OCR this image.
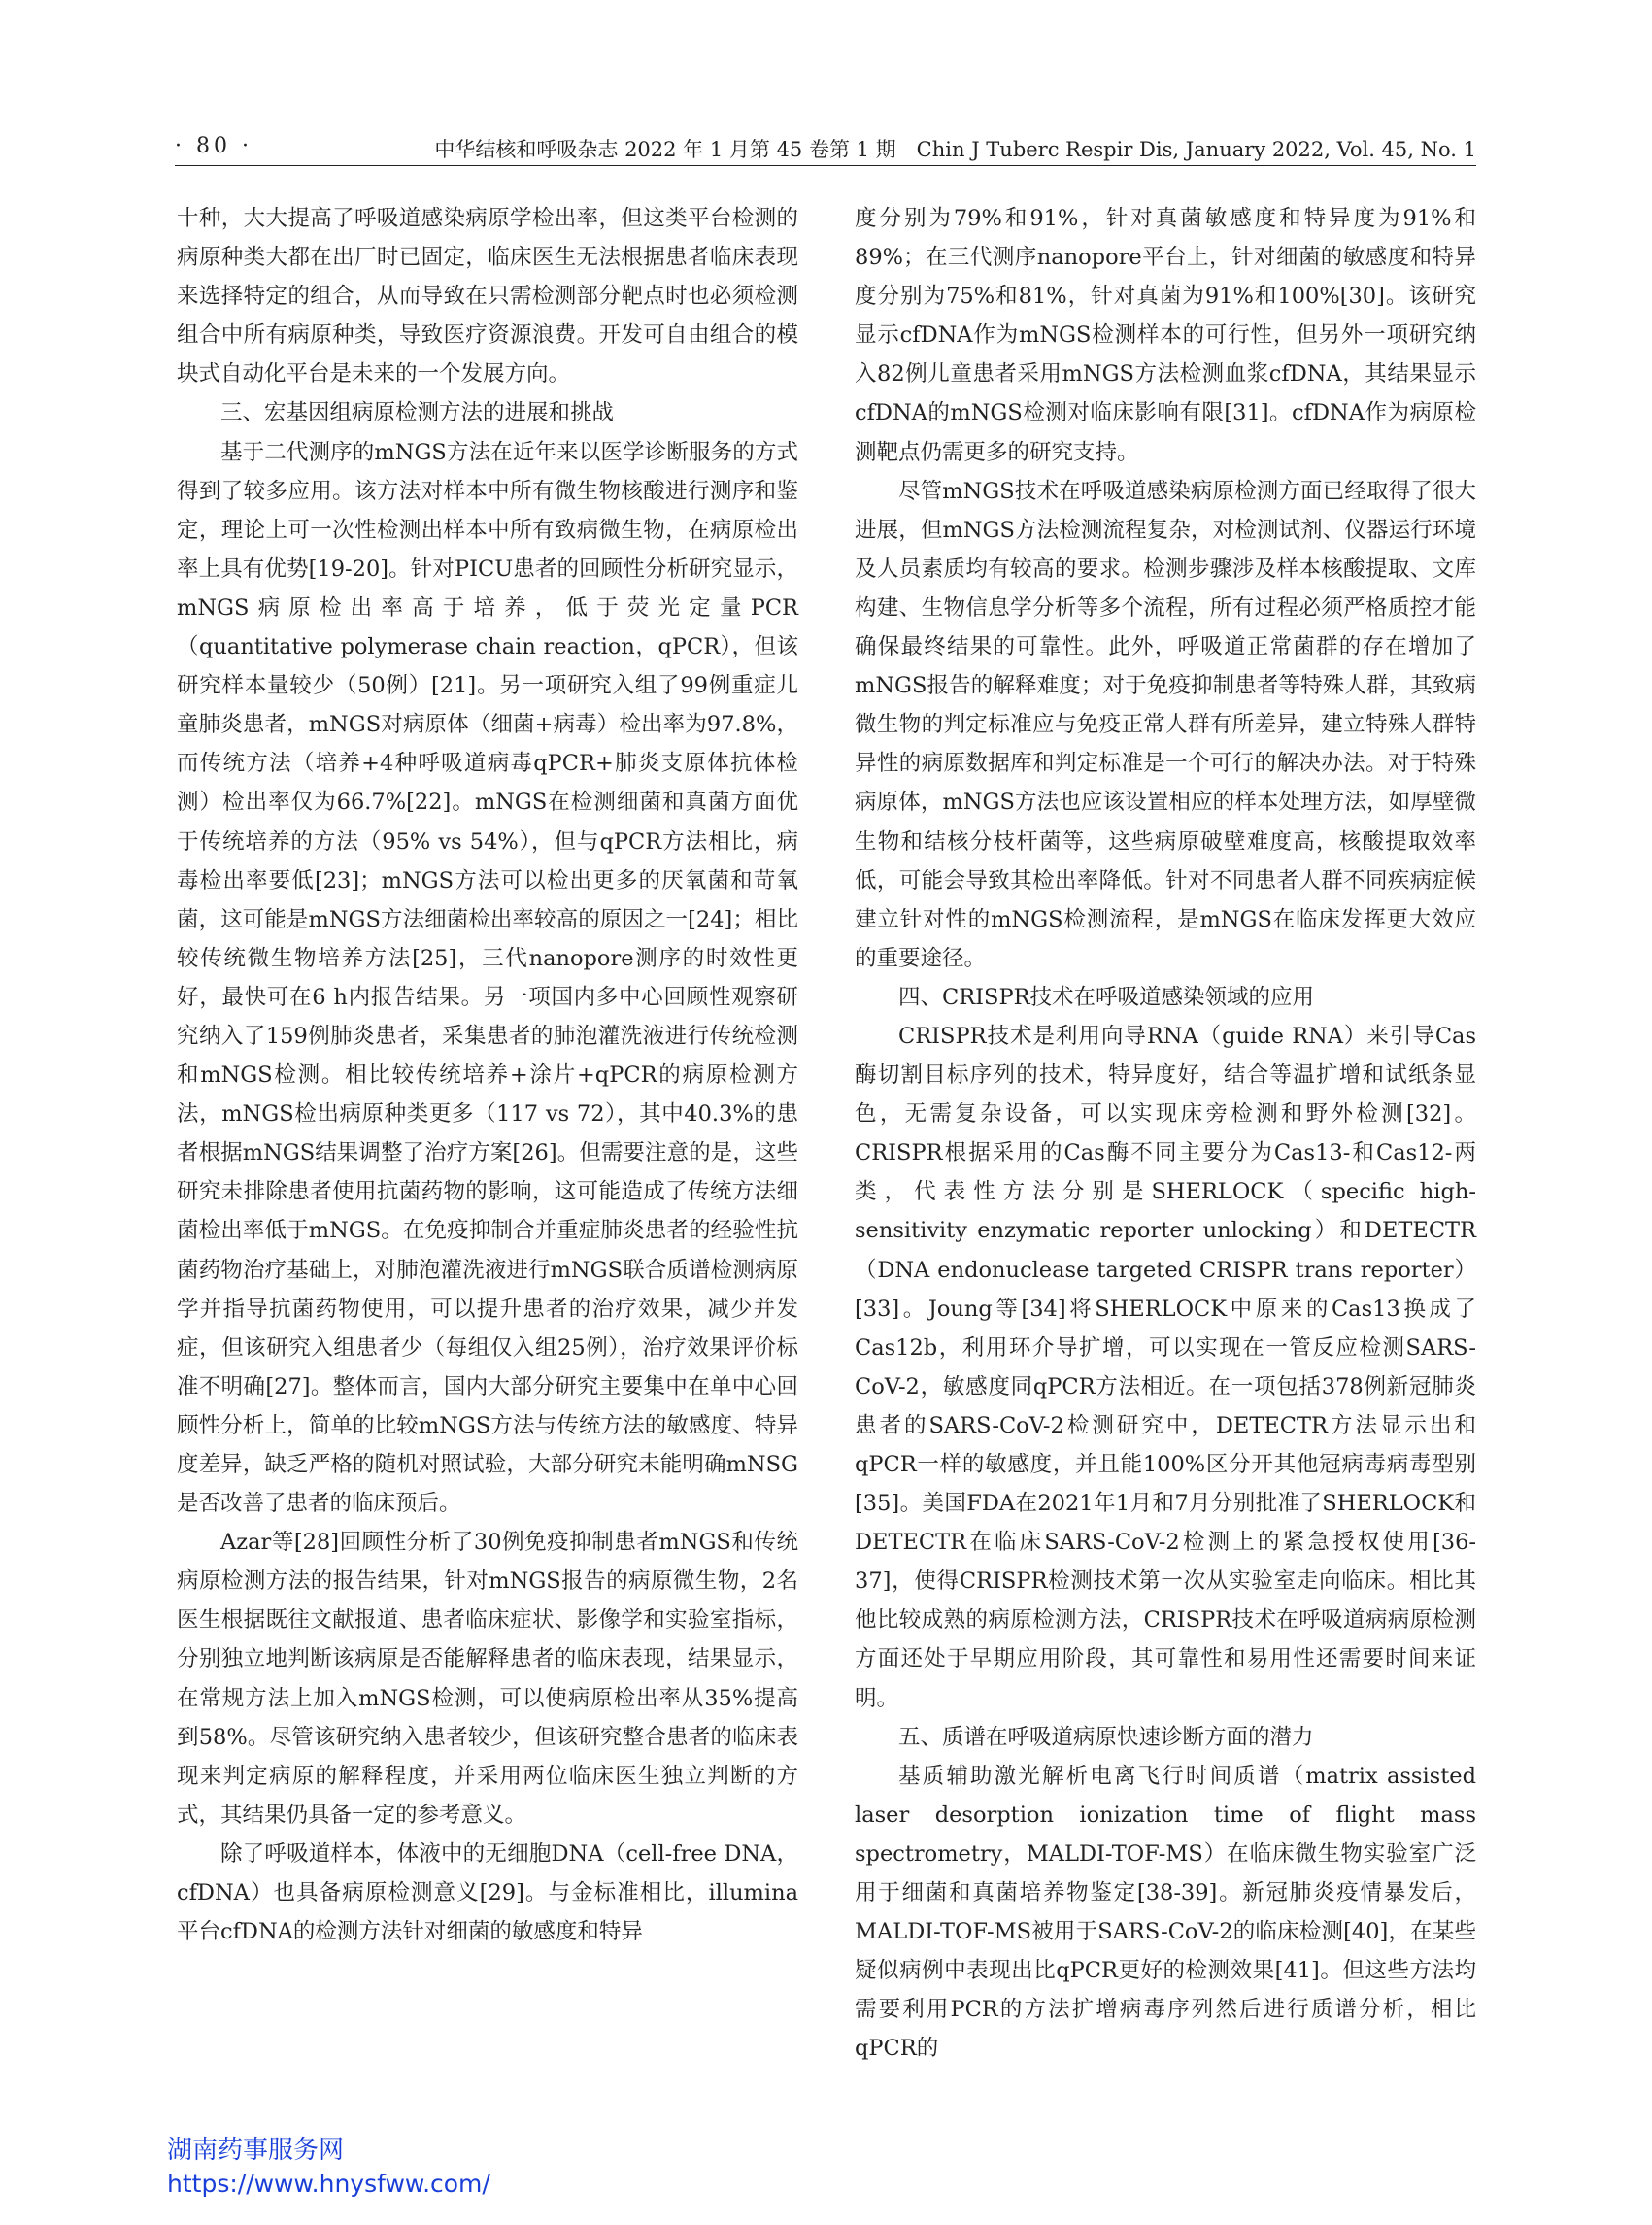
· 80 ·	中华结核和呼吸杂志 2022 年 1 月第 45 卷第 1 期　Chin J Tuberc Respir Dis, January 2022, Vol. 45, No. 1

十种，大大提高了呼吸道感染病原学检出率，但这类平台检测的病原种类大都在出厂时已固定，临床医生无法根据患者临床表现来选择特定的组合，从而导致在只需检测部分靶点时也必须检测组合中所有病原种类，导致医疗资源浪费。开发可自由组合的模块式自动化平台是未来的一个发展方向。

三、宏基因组病原检测方法的进展和挑战

基于二代测序的mNGS方法在近年来以医学诊断服务的方式得到了较多应用。该方法对样本中所有微生物核酸进行测序和鉴定，理论上可一次性检测出样本中所有致病微生物，在病原检出率上具有优势[19-20]。针对PICU患者的回顾性分析研究显示，mNGS病原检出率高于培养，低于荧光定量PCR（quantitative polymerase chain reaction，qPCR），但该研究样本量较少（50例）[21]。另一项研究入组了99例重症儿童肺炎患者，mNGS对病原体（细菌+病毒）检出率为97.8%，而传统方法（培养+4种呼吸道病毒qPCR+肺炎支原体抗体检测）检出率仅为66.7%[22]。mNGS在检测细菌和真菌方面优于传统培养的方法（95% vs 54%），但与qPCR方法相比，病毒检出率要低[23]；mNGS方法可以检出更多的厌氧菌和苛氧菌，这可能是mNGS方法细菌检出率较高的原因之一[24]；相比较传统微生物培养方法[25]，三代nanopore测序的时效性更好，最快可在6 h内报告结果。另一项国内多中心回顾性观察研究纳入了159例肺炎患者，采集患者的肺泡灌洗液进行传统检测和mNGS检测。相比较传统培养+涂片+qPCR的病原检测方法，mNGS检出病原种类更多（117 vs 72），其中40.3%的患者根据mNGS结果调整了治疗方案[26]。但需要注意的是，这些研究未排除患者使用抗菌药物的影响，这可能造成了传统方法细菌检出率低于mNGS。在免疫抑制合并重症肺炎患者的经验性抗菌药物治疗基础上，对肺泡灌洗液进行mNGS联合质谱检测病原学并指导抗菌药物使用，可以提升患者的治疗效果，减少并发症，但该研究入组患者少（每组仅入组25例），治疗效果评价标准不明确[27]。整体而言，国内大部分研究主要集中在单中心回顾性分析上，简单的比较mNGS方法与传统方法的敏感度、特异度差异，缺乏严格的随机对照试验，大部分研究未能明确mNSG是否改善了患者的临床预后。

Azar等[28]回顾性分析了30例免疫抑制患者mNGS和传统病原检测方法的报告结果，针对mNGS报告的病原微生物，2名医生根据既往文献报道、患者临床症状、影像学和实验室指标，分别独立地判断该病原是否能解释患者的临床表现，结果显示，在常规方法上加入mNGS检测，可以使病原检出率从35%提高到58%。尽管该研究纳入患者较少，但该研究整合患者的临床表现来判定病原的解释程度，并采用两位临床医生独立判断的方式，其结果仍具备一定的参考意义。

除了呼吸道样本，体液中的无细胞DNA（cell-free DNA，cfDNA）也具备病原检测意义[29]。与金标准相比，illumina平台cfDNA的检测方法针对细菌的敏感度和特异

度分别为79%和91%，针对真菌敏感度和特异度为91%和89%；在三代测序nanopore平台上，针对细菌的敏感度和特异度分别为75%和81%，针对真菌为91%和100%[30]。该研究显示cfDNA作为mNGS检测样本的可行性，但另外一项研究纳入82例儿童患者采用mNGS方法检测血浆cfDNA，其结果显示cfDNA的mNGS检测对临床影响有限[31]。cfDNA作为病原检测靶点仍需更多的研究支持。

尽管mNGS技术在呼吸道感染病原检测方面已经取得了很大进展，但mNGS方法检测流程复杂，对检测试剂、仪器运行环境及人员素质均有较高的要求。检测步骤涉及样本核酸提取、文库构建、生物信息学分析等多个流程，所有过程必须严格质控才能确保最终结果的可靠性。此外，呼吸道正常菌群的存在增加了mNGS报告的解释难度；对于免疫抑制患者等特殊人群，其致病微生物的判定标准应与免疫正常人群有所差异，建立特殊人群特异性的病原数据库和判定标准是一个可行的解决办法。对于特殊病原体，mNGS方法也应该设置相应的样本处理方法，如厚壁微生物和结核分枝杆菌等，这些病原破壁难度高，核酸提取效率低，可能会导致其检出率降低。针对不同患者人群不同疾病症候建立针对性的mNGS检测流程，是mNGS在临床发挥更大效应的重要途径。

四、CRISPR技术在呼吸道感染领域的应用

CRISPR技术是利用向导RNA（guide RNA）来引导Cas酶切割目标序列的技术，特异度好，结合等温扩增和试纸条显色，无需复杂设备，可以实现床旁检测和野外检测[32]。CRISPR根据采用的Cas酶不同主要分为Cas13-和Cas12-两类，代表性方法分别是SHERLOCK（specific high-sensitivity enzymatic reporter unlocking）和DETECTR（DNA endonuclease targeted CRISPR trans reporter）[33]。Joung等[34]将SHERLOCK中原来的Cas13换成了Cas12b，利用环介导扩增，可以实现在一管反应检测SARS-CoV-2，敏感度同qPCR方法相近。在一项包括378例新冠肺炎患者的SARS-CoV-2检测研究中，DETECTR方法显示出和qPCR一样的敏感度，并且能100%区分开其他冠病毒病毒型别[35]。美国FDA在2021年1月和7月分别批准了SHERLOCK和DETECTR在临床SARS-CoV-2检测上的紧急授权使用[36-37]，使得CRISPR检测技术第一次从实验室走向临床。相比其他比较成熟的病原检测方法，CRISPR技术在呼吸道病病原检测方面还处于早期应用阶段，其可靠性和易用性还需要时间来证明。

五、质谱在呼吸道病原快速诊断方面的潜力

基质辅助激光解析电离飞行时间质谱（matrix assisted laser desorption ionization time of flight mass spectrometry，MALDI-TOF-MS）在临床微生物实验室广泛用于细菌和真菌培养物鉴定[38-39]。新冠肺炎疫情暴发后，MALDI-TOF-MS被用于SARS-CoV-2的临床检测[40]，在某些疑似病例中表现出比qPCR更好的检测效果[41]。但这些方法均需要利用PCR的方法扩增病毒序列然后进行质谱分析，相比qPCR的

湖南药事服务网
https://www.hnysfww.com/
